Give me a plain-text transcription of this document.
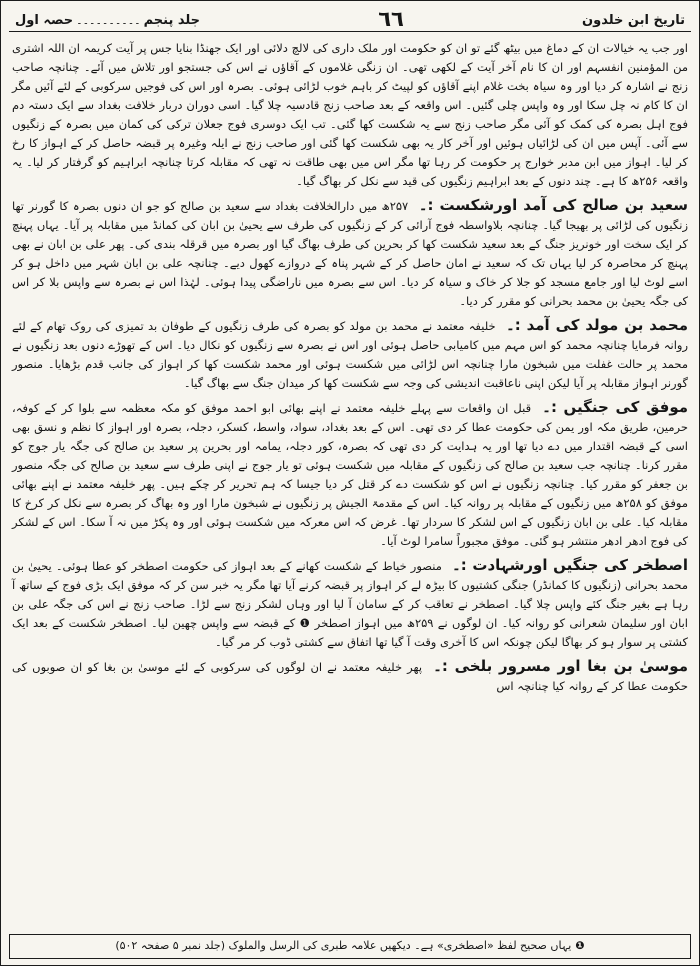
تاریخ ابن خلدون
٦٦
جلد پنجم۔۔۔۔۔۔۔۔۔۔حصہ اول

اور جب یہ خیالات ان کے دماغ میں بیٹھ گئے تو ان کو حکومت اور ملک داری کی لالچ دلائی اور ایک جھنڈا بنایا جس پر آیت کریمہ ان اللہ اشتری من المؤمنین انفسہم اور ان کا نام آخر آیت کے لکھی تھی۔ ان زنگی غلاموں کے آقاؤں نے اس کی جستجو اور تلاش میں آئے۔ چنانچہ صاحب زنج نے اشارہ کر دیا اور وہ سیاہ بخت غلام اپنے آقاؤں کو لپیٹ کر باہم خوب لڑائی ہوئی۔ بصرہ اور اس کی فوجیں سرکوبی کے لئے آئیں مگر ان کا کام نہ چل سکا اور وہ واپس چلی گئیں۔ اس واقعہ کے بعد صاحب زنج قادسیہ چلا گیا۔ اسی دوران دربار خلافت بغداد سے ایک دستہ دم فوج اہل بصرہ کی کمک کو آئی مگر صاحب زنج سے یہ شکست کھا گئی۔ تب ایک دوسری فوج جعلان ترکی کی کمان میں بصرہ کے زنگیوں سے آئی۔ آپس میں ان کی لڑائیاں ہوئیں اور آخر کار یہ بھی شکست کھا گئی اور صاحب زنج نے ایلہ وغیرہ پر قبضہ حاصل کر کے اہواز کا رخ کر لیا۔ اہواز میں ابن مدبر خوارج پر حکومت کر رہا تھا مگر اس میں بھی طاقت نہ تھی کہ مقابلہ کرتا چنانچہ ابراہیم کو گرفتار کر لیا۔ یہ واقعہ ۲۵۶ھ کا ہے۔ چند دنوں کے بعد ابراہیم زنگیوں کی قید سے نکل کر بھاگ گیا۔

سعید بن صالح کی آمد اورشکست :۔ ۲۵۷ھ میں دارالخلافت بغداد سے سعید بن صالح کو جو ان دنوں بصرہ کا گورنر تھا زنگیوں کی لڑائی پر بھیجا گیا۔ چنانچہ بلاواسطہ فوج آرائی کر کے زنگیوں کی طرف سے یحییٰ بن ابان کی کمانڈ میں مقابلہ پر آیا۔ یہاں پہنچ کر ایک سخت اور خونریز جنگ کے بعد سعید شکست کھا کر بحرین کی طرف بھاگ گیا اور بصرہ میں قرقلہ بندی کی۔ پھر علی بن ابان نے بھی پہنچ کر محاصرہ کر لیا یہاں تک کہ سعید نے امان حاصل کر کے شہر پناہ کے دروازے کھول دیے۔ چنانچہ علی بن ابان شہر میں داخل ہو کر اسے لوٹ لیا اور جامع مسجد کو جلا کر خاک و سیاہ کر دیا۔ اس سے بصرہ میں ناراضگی پیدا ہوئی۔ لہٰذا اس نے بصرہ سے واپس بلا کر اس کی جگہ یحییٰ بن محمد بحرانی کو مقرر کر دیا۔

محمد بن مولد کی آمد :۔ خلیفہ معتمد نے محمد بن مولد کو بصرہ کی طرف زنگیوں کے طوفان بد تمیزی کی روک تھام کے لئے روانہ فرمایا چنانچہ محمد کو اس مہم میں کامیابی حاصل ہوئی اور اس نے بصرہ سے زنگیوں کو نکال دیا۔ اس کے تھوڑے دنوں بعد زنگیوں نے محمد پر حالت غفلت میں شبخون مارا چنانچہ اس لڑائی میں شکست ہوئی اور محمد شکست کھا کر اہواز کی جانب قدم بڑھایا۔ منصور گورنر اہواز مقابلہ پر آیا لیکن اپنی ناعاقبت اندیشی کی وجہ سے شکست کھا کر میدان جنگ سے بھاگ گیا۔

موفق کی جنگیں :۔ قبل ان واقعات سے پہلے خلیفہ معتمد نے اپنے بھائی ابو احمد موفق کو مکہ معظمہ سے بلوا کر کے کوفہ، حرمین، طریق مکہ اور یمن کی حکومت عطا کر دی تھی۔ اس کے بعد بغداد، سواد، واسط، کسکر، دجلہ، بصرہ اور اہواز کا نظم و نسق بھی اسی کے قبضہ اقتدار میں دے دیا تھا اور یہ ہدایت کر دی تھی کہ بصرہ، کور دجلہ، یمامہ اور بحرین پر سعید بن صالح کی جگہ یار جوج کو مقرر کرنا۔ چنانچہ جب سعید بن صالح کی زنگیوں کے مقابلہ میں شکست ہوئی تو یار جوج نے اپنی طرف سے سعید بن صالح کی جگہ منصور بن جعفر کو مقرر کیا۔ چنانچہ زنگیوں نے اس کو شکست دے کر قتل کر دیا جیسا کہ ہم تحریر کر چکے ہیں۔ پھر خلیفہ معتمد نے اپنے بھائی موفق کو ۲۵۸ھ میں زنگیوں کے مقابلہ پر روانہ کیا۔ اس کے مقدمۃ الجیش پر زنگیوں نے شبخون مارا اور وہ بھاگ کر بصرہ سے نکل کر کرخ کا مقابلہ کیا۔ علی بن ابان زنگیوں کے اس لشکر کا سردار تھا۔ غرض کہ اس معرکہ میں شکست ہوئی اور وہ پکڑ میں نہ آ سکا۔ اس کے لشکر کی فوج ادھر ادھر منتشر ہو گئی۔ موفق مجبوراً سامرا لوٹ آیا۔

اصطخر کی جنگیں اورشہادت :۔ منصور خیاط کے شکست کھانے کے بعد اہواز کی حکومت اصطخر کو عطا ہوئی۔ یحییٰ بن محمد بحرانی (زنگیوں کا کمانڈر) جنگی کشتیوں کا بیڑہ لے کر اہواز پر قبضہ کرنے آیا تھا مگر یہ خبر سن کر کہ موفق ایک بڑی فوج کے ساتھ آ رہا ہے بغیر جنگ کئے واپس چلا گیا۔ اصطخر نے تعاقب کر کے سامان آ لیا اور وہاں لشکر زنج سے لڑا۔ صاحب زنج نے اس کی جگہ علی بن ابان اور سلیمان شعرانی کو روانہ کیا۔ ان لوگوں نے ۲۵۹ھ میں اہواز اصطخر ❶ کے قبضہ سے واپس چھین لیا۔ اصطخر شکست کے بعد ایک کشتی پر سوار ہو کر بھاگا لیکن چونکہ اس کا آخری وقت آ گیا تھا اتفاق سے کشتی ڈوب کر مر گیا۔

موسیٰ بن بغا اور مسرور بلخی :۔ پھر خلیفہ معتمد نے ان لوگوں کی سرکوبی کے لئے موسیٰ بن بغا کو ان صوبوں کی حکومت عطا کر کے روانہ کیا چنانچہ اس

❶یہاں صحیح لفظ «اصطخری» ہے۔ دیکھیں علامہ طبری کی الرسل والملوک (جلد نمبر ۵ صفحہ ۵۰۲)
